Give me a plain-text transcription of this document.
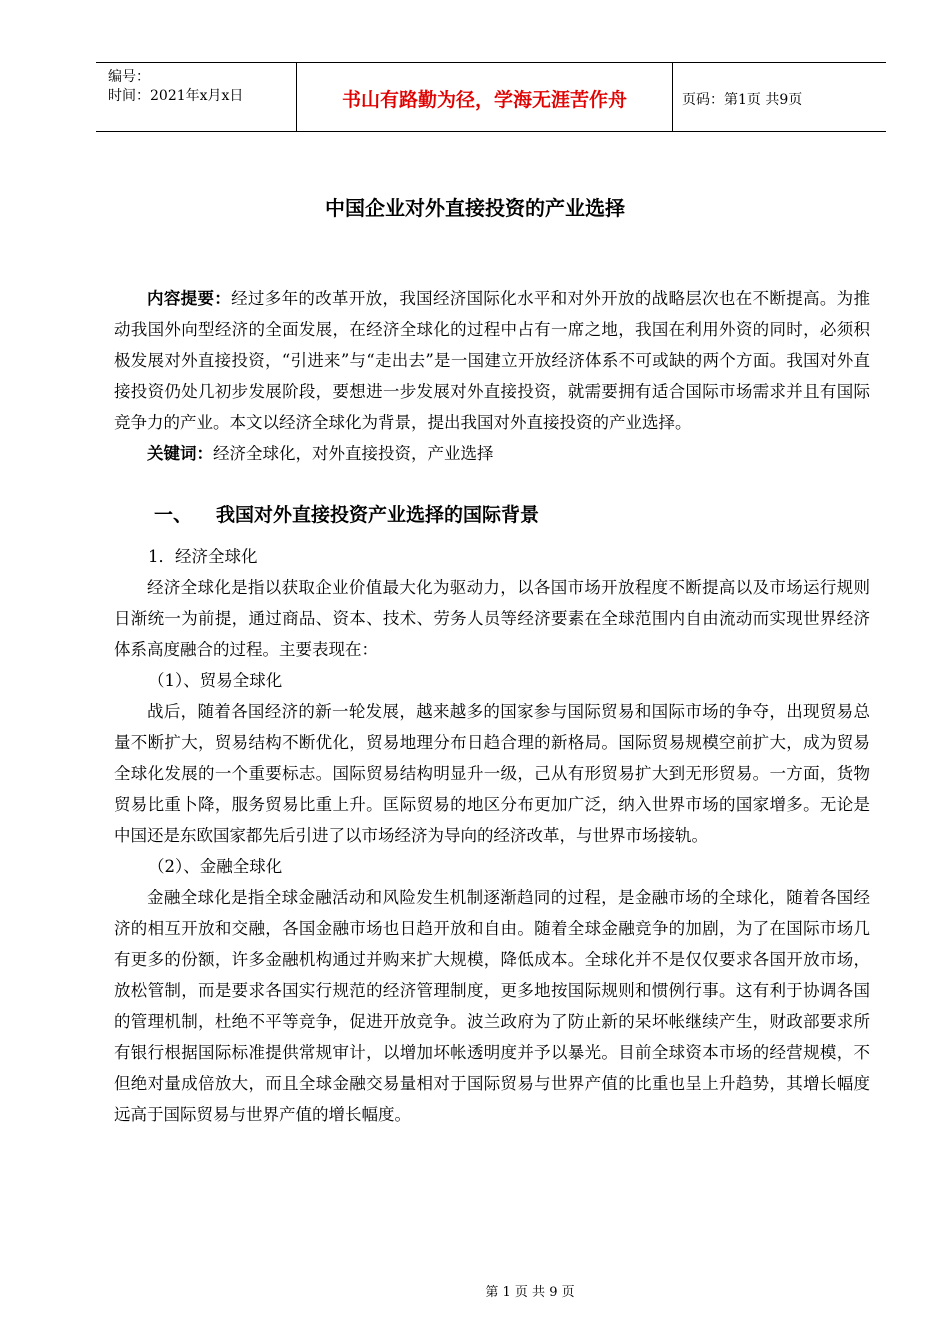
编号：
时间：2021年x月x日	书山有路勤为径，学海无涯苦作舟	页码：第1页 共9页
中国企业对外直接投资的产业选择

内容提要：经过多年的改革开放，我国经济国际化水平和对外开放的战略层次也在不断提高。为推动我国外向型经济的全面发展，在经济全球化的过程中占有一席之地，我国在利用外资的同时，必须积极发展对外直接投资，“引进来”与“走出去”是一国建立开放经济体系不可或缺的两个方面。我国对外直接投资仍处几初步发展阶段，要想进一步发展对外直接投资，就需要拥有适合国际市场需求并且有国际竞争力的产业。本文以经济全球化为背景，提出我国对外直接投资的产业选择。

关键词：经济全球化，对外直接投资，产业选择

一、 我国对外直接投资产业选择的国际背景

1．经济全球化

经济全球化是指以获取企业价值最大化为驱动力，以各国市场开放程度不断提高以及市场运行规则日渐统一为前提，通过商品、资本、技术、劳务人员等经济要素在全球范围内自由流动而实现世界经济体系高度融合的过程。主要表现在：

（1）、贸易全球化

战后，随着各国经济的新一轮发展，越来越多的国家参与国际贸易和国际市场的争夺，出现贸易总量不断扩大，贸易结构不断优化，贸易地理分布日趋合理的新格局。国际贸易规模空前扩大，成为贸易全球化发展的一个重要标志。国际贸易结构明显升一级，己从有形贸易扩大到无形贸易。一方面，货物贸易比重卜降，服务贸易比重上升。匡际贸易的地区分布更加广泛，纳入世界市场的国家增多。无论是中国还是东欧国家都先后引进了以市场经济为导向的经济改革，与世界市场接轨。

（2）、金融全球化

金融全球化是指全球金融活动和风险发生机制逐渐趋同的过程，是金融市场的全球化，随着各国经济的相互开放和交融，各国金融市场也日趋开放和自由。随着全球金融竞争的加剧，为了在国际市场几有更多的份额，许多金融机构通过并购来扩大规模，降低成本。全球化并不是仅仅要求各国开放市场，放松管制，而是要求各国实行规范的经济管理制度，更多地按国际规则和惯例行事。这有利于协调各国的管理机制，杜绝不平等竞争，促进开放竞争。波兰政府为了防止新的呆坏帐继续产生，财政部要求所有银行根据国际标准提供常规审计，以增加坏帐透明度并予以暴光。目前全球资本市场的经营规模，不但绝对量成倍放大，而且全球金融交易量相对于国际贸易与世界产值的比重也呈上升趋势，其增长幅度远高于国际贸易与世界产值的增长幅度。

第 1 页 共 9 页
